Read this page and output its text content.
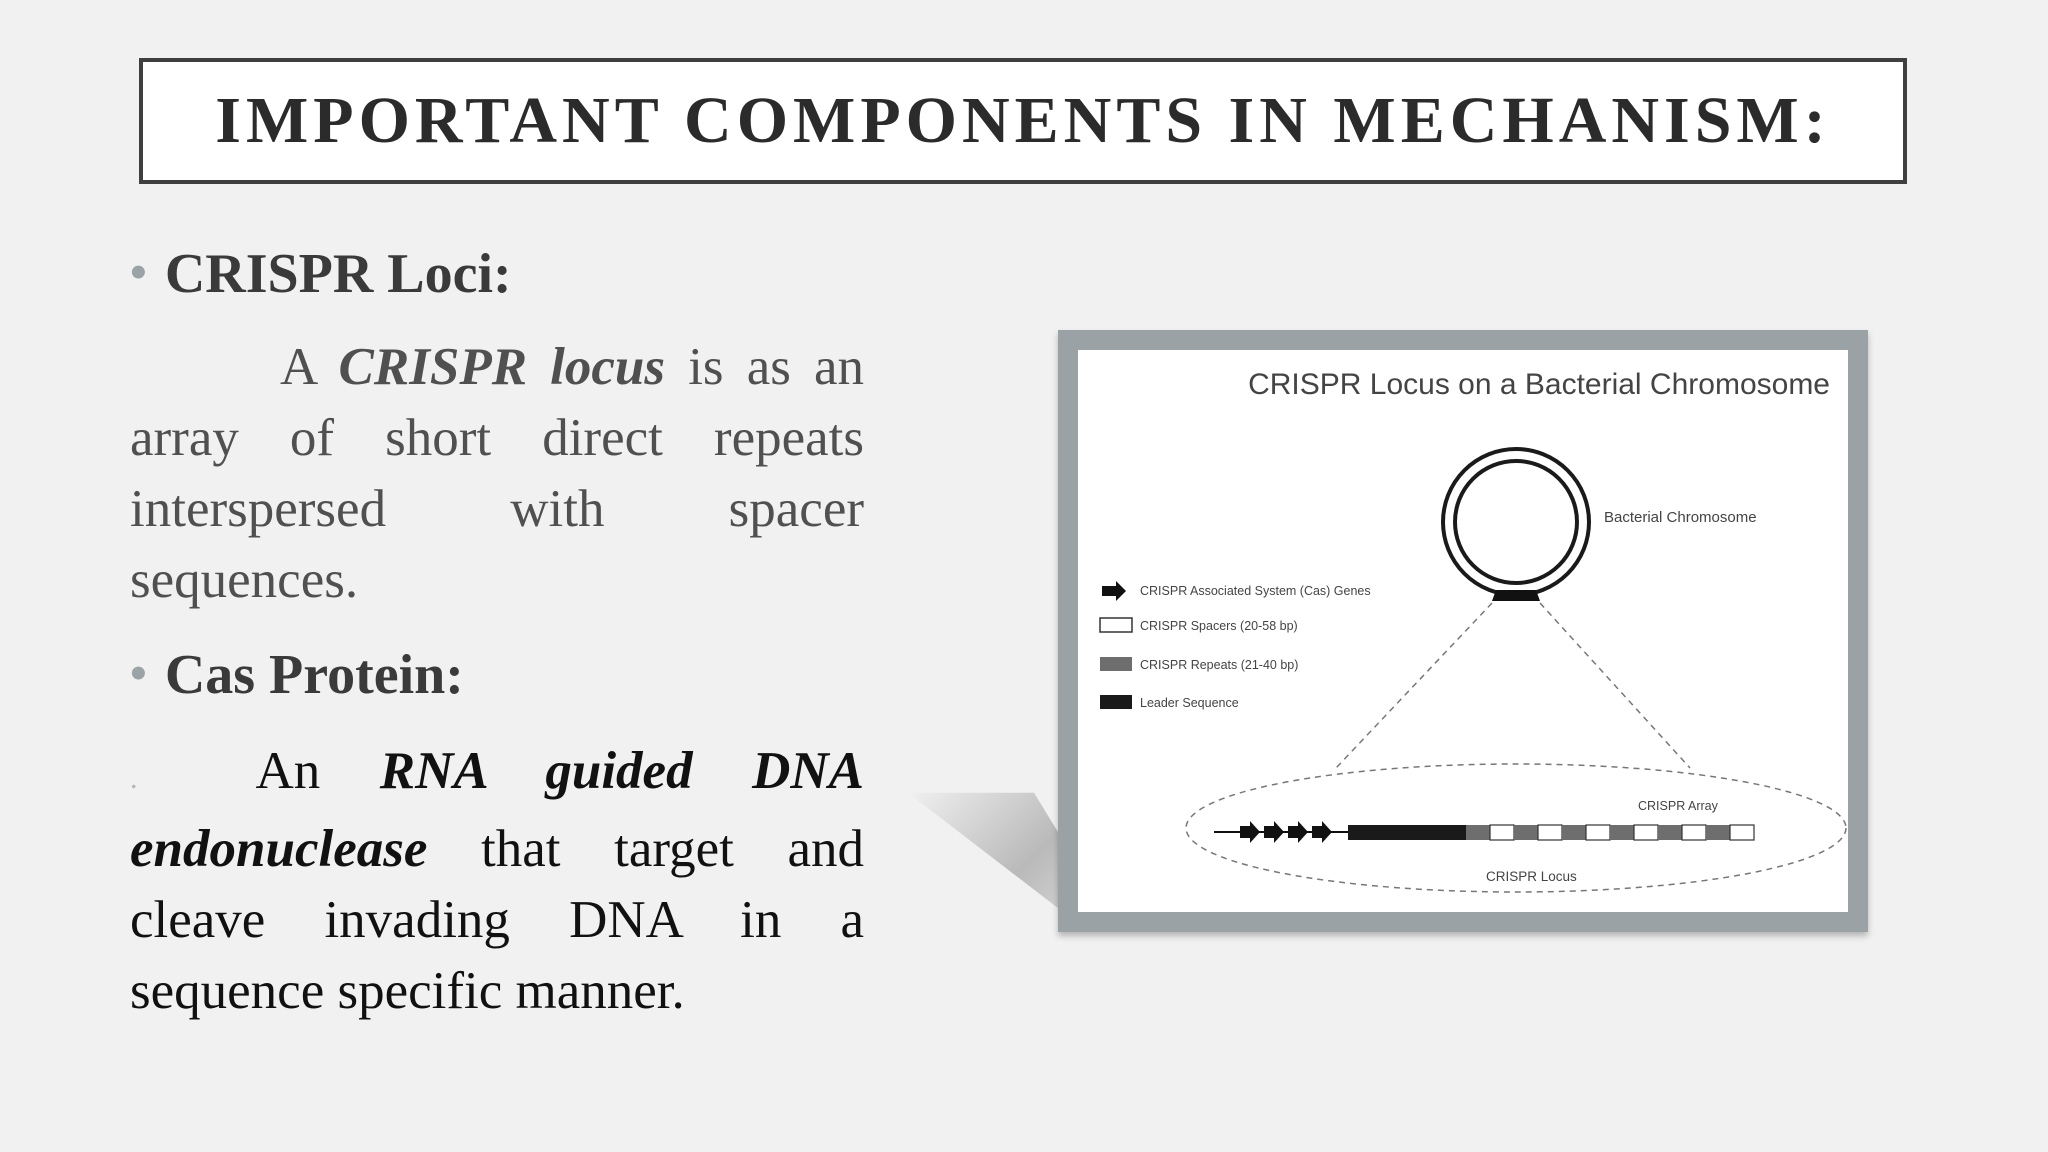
IMPORTANT COMPONENTS IN MECHANISM:
• CRISPR Loci:
A CRISPR locus is as an array of short direct repeats interspersed with spacer sequences.
• Cas Protein:
. An RNA guided DNA endonuclease that target and cleave invading DNA in a sequence specific manner.
CRISPR Locus on a Bacterial Chromosome
Bacterial Chromosome
CRISPR Associated System (Cas) Genes
CRISPR Spacers (20-58 bp)
CRISPR Repeats (21-40 bp)
Leader Sequence
CRISPR Array
CRISPR Locus
